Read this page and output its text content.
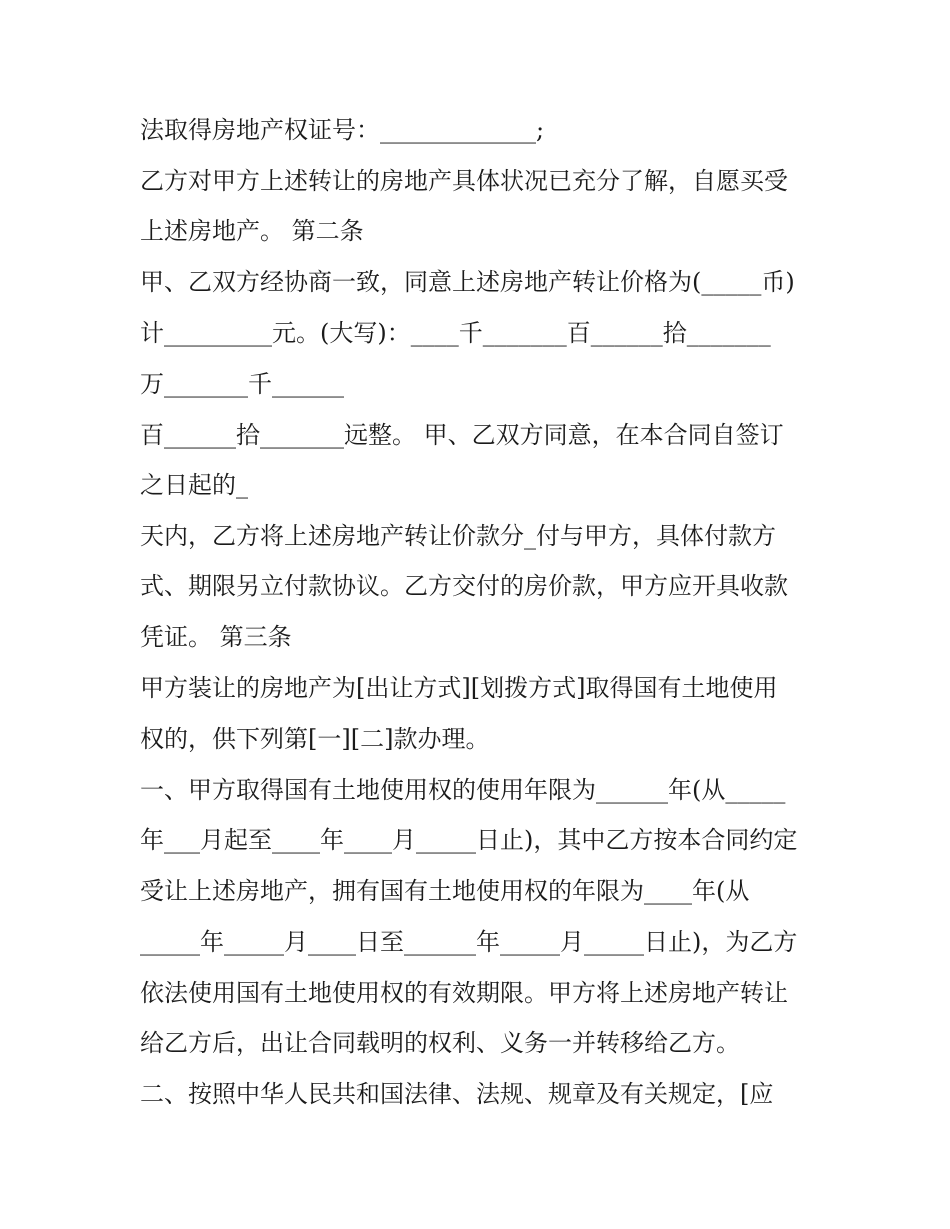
法取得房地产权证号：_____________;
乙方对甲方上述转让的房地产具体状况已充分了解，自愿买受
上述房地产。 第二条
甲、乙双方经协商一致，同意上述房地产转让价格为(_____币)
计_________元。(大写)：____千_______百______拾_______
万_______千______
百______拾_______远整。 甲、乙双方同意，在本合同自签订
之日起的_
天内，乙方将上述房地产转让价款分_付与甲方，具体付款方
式、期限另立付款协议。乙方交付的房价款，甲方应开具收款
凭证。 第三条
甲方装让的房地产为[出让方式][划拨方式]取得国有土地使用
权的，供下列第[一][二]款办理。
一、甲方取得国有土地使用权的使用年限为______年(从_____
年___月起至____年____月_____日止)，其中乙方按本合同约定
受让上述房地产，拥有国有土地使用权的年限为____年(从
_____年_____月____日至______年_____月_____日止)，为乙方
依法使用国有土地使用权的有效期限。甲方将上述房地产转让
给乙方后，出让合同载明的权利、义务一并转移给乙方。
二、按照中华人民共和国法律、法规、规章及有关规定，[应
